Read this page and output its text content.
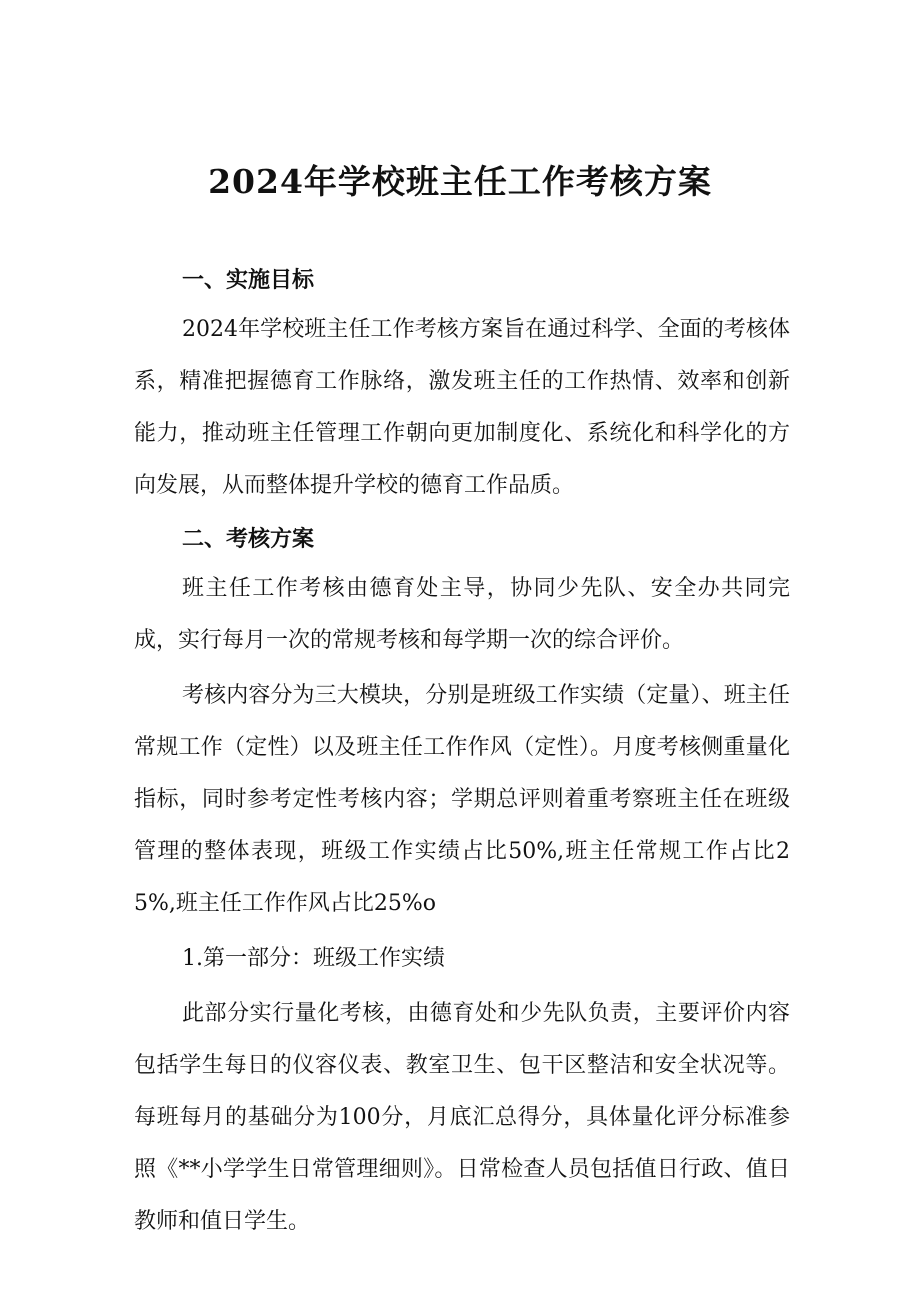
2024年学校班主任工作考核方案
一、实施目标
2024年学校班主任工作考核方案旨在通过科学、全面的考核体系，精准把握德育工作脉络，激发班主任的工作热情、效率和创新能力，推动班主任管理工作朝向更加制度化、系统化和科学化的方向发展，从而整体提升学校的德育工作品质。
二、考核方案
班主任工作考核由德育处主导，协同少先队、安全办共同完成，实行每月一次的常规考核和每学期一次的综合评价。
考核内容分为三大模块，分别是班级工作实绩（定量）、班主任常规工作（定性）以及班主任工作作风（定性）。月度考核侧重量化指标，同时参考定性考核内容；学期总评则着重考察班主任在班级管理的整体表现，班级工作实绩占比50%,班主任常规工作占比25%,班主任工作作风占比25%o
1.第一部分：班级工作实绩
此部分实行量化考核，由德育处和少先队负责，主要评价内容包括学生每日的仪容仪表、教室卫生、包干区整洁和安全状况等。每班每月的基础分为100分，月底汇总得分，具体量化评分标准参照《**小学学生日常管理细则》。日常检查人员包括值日行政、值日教师和值日学生。
